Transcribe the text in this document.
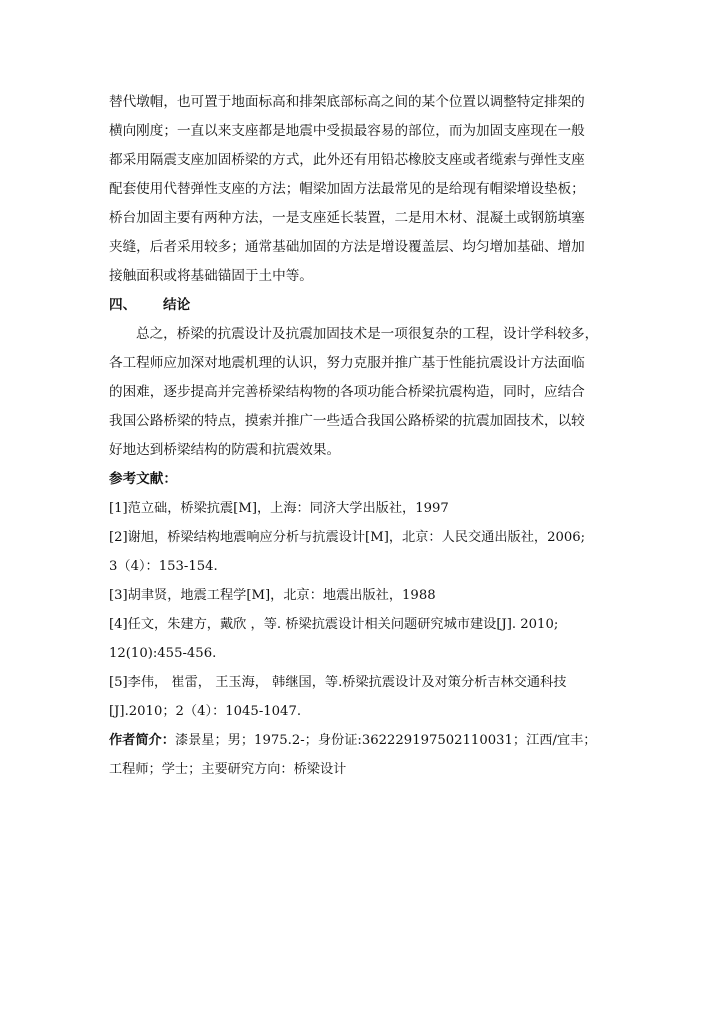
替代墩帽，也可置于地面标高和排架底部标高之间的某个位置以调整特定排架的
横向刚度；一直以来支座都是地震中受损最容易的部位，而为加固支座现在一般
都采用隔震支座加固桥梁的方式，此外还有用铅芯橡胶支座或者缆索与弹性支座
配套使用代替弹性支座的方法；帽梁加固方法最常见的是给现有帽梁增设垫板；
桥台加固主要有两种方法，一是支座延长装置，二是用木材、混凝土或钢筋填塞
夹缝，后者采用较多；通常基础加固的方法是增设覆盖层、均匀增加基础、增加
接触面积或将基础锚固于土中等。
四、 结论
总之，桥梁的抗震设计及抗震加固技术是一项很复杂的工程，设计学科较多，
各工程师应加深对地震机理的认识，努力克服并推广基于性能抗震设计方法面临
的困难，逐步提高并完善桥梁结构物的各项功能合桥梁抗震构造，同时，应结合
我国公路桥梁的特点，摸索并推广一些适合我国公路桥梁的抗震加固技术，以较
好地达到桥梁结构的防震和抗震效果。
参考文献：
[1]范立础，桥梁抗震[M]，上海：同济大学出版社，1997
[2]谢旭，桥梁结构地震响应分析与抗震设计[M]，北京：人民交通出版社，2006;
3（4）：153-154.
[3]胡聿贤，地震工程学[M]，北京：地震出版社，1988
[4]任文，朱建方，戴欣 ，等. 桥梁抗震设计相关问题研究城市建设[J]. 2010;
12(10):455-456.
[5]李伟， 崔雷， 王玉海， 韩继国，等.桥梁抗震设计及对策分析吉林交通科技
[J].2010；2（4）：1045-1047.
作者简介：漆景星；男；1975.2-；身份证:362229197502110031；江西/宜丰；
工程师；学士；主要研究方向：桥梁设计
